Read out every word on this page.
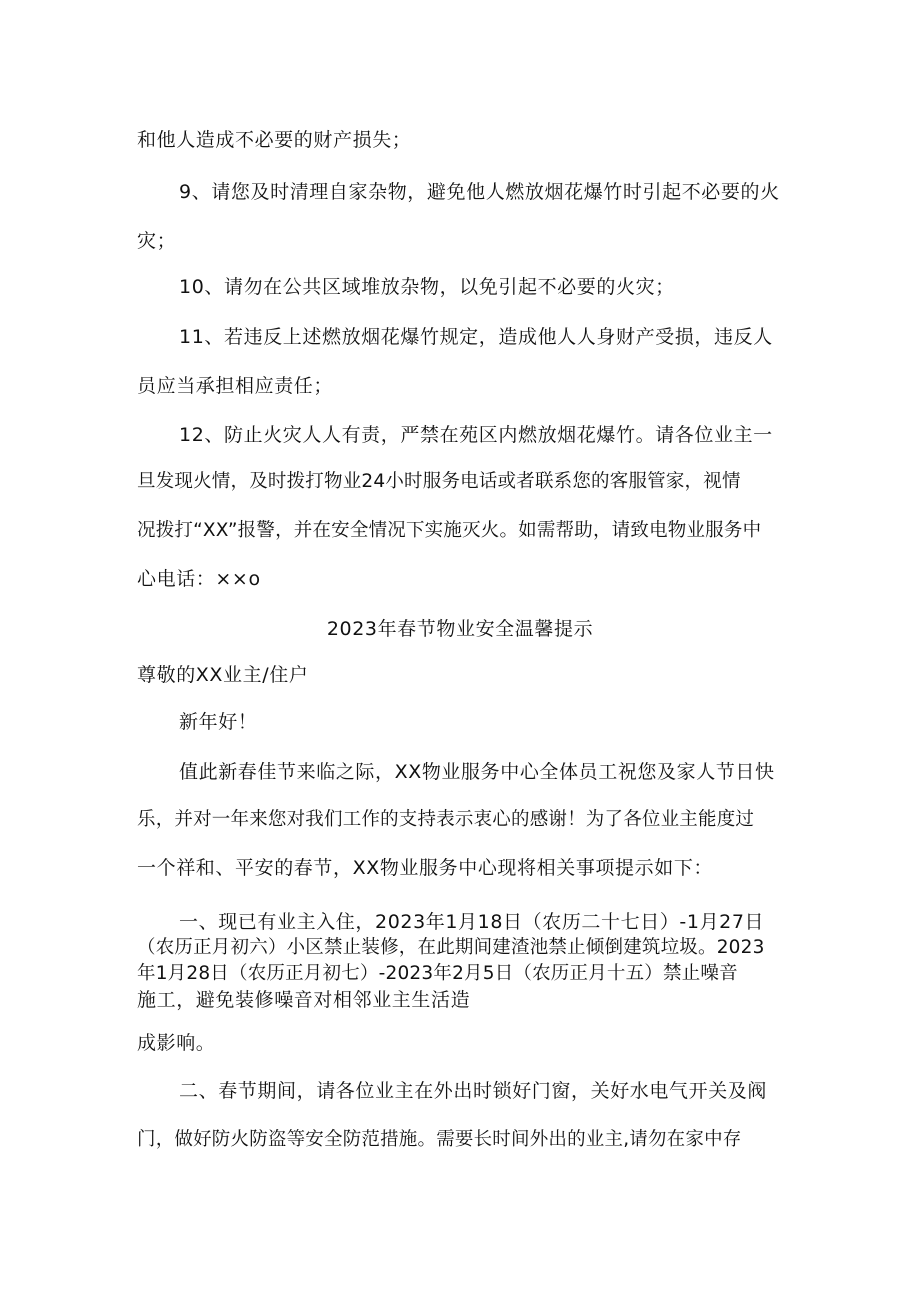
和他人造成不必要的财产损失；
9、请您及时清理自家杂物，避免他人燃放烟花爆竹时引起不必要的火
灾；
10、请勿在公共区域堆放杂物，以免引起不必要的火灾；
11、若违反上述燃放烟花爆竹规定，造成他人人身财产受损，违反人
员应当承担相应责任；
12、防止火灾人人有责，严禁在苑区内燃放烟花爆竹。请各位业主一
旦发现火情，及时拨打物业24小时服务电话或者联系您的客服管家，视情
况拨打“XX”报警，并在安全情况下实施灭火。如需帮助，请致电物业服务中
心电话：××o
2023年春节物业安全温馨提示
尊敬的XX业主/住户
新年好！
值此新春佳节来临之际，XX物业服务中心全体员工祝您及家人节日快
乐，并对一年来您对我们工作的支持表示衷心的感谢！为了各位业主能度过
一个祥和、平安的春节，XX物业服务中心现将相关事项提示如下：
一、现已有业主入住，2023年1月18日（农历二十七日）-1月27日
（农历正月初六）小区禁止装修，在此期间建渣池禁止倾倒建筑垃圾。2023
年1月28日（农历正月初七）-2023年2月5日（农历正月十五）禁止噪音
施工，避免装修噪音对相邻业主生活造
成影响。
二、春节期间，请各位业主在外出时锁好门窗，关好水电气开关及阀
门，做好防火防盗等安全防范措施。需要长时间外出的业主,请勿在家中存
